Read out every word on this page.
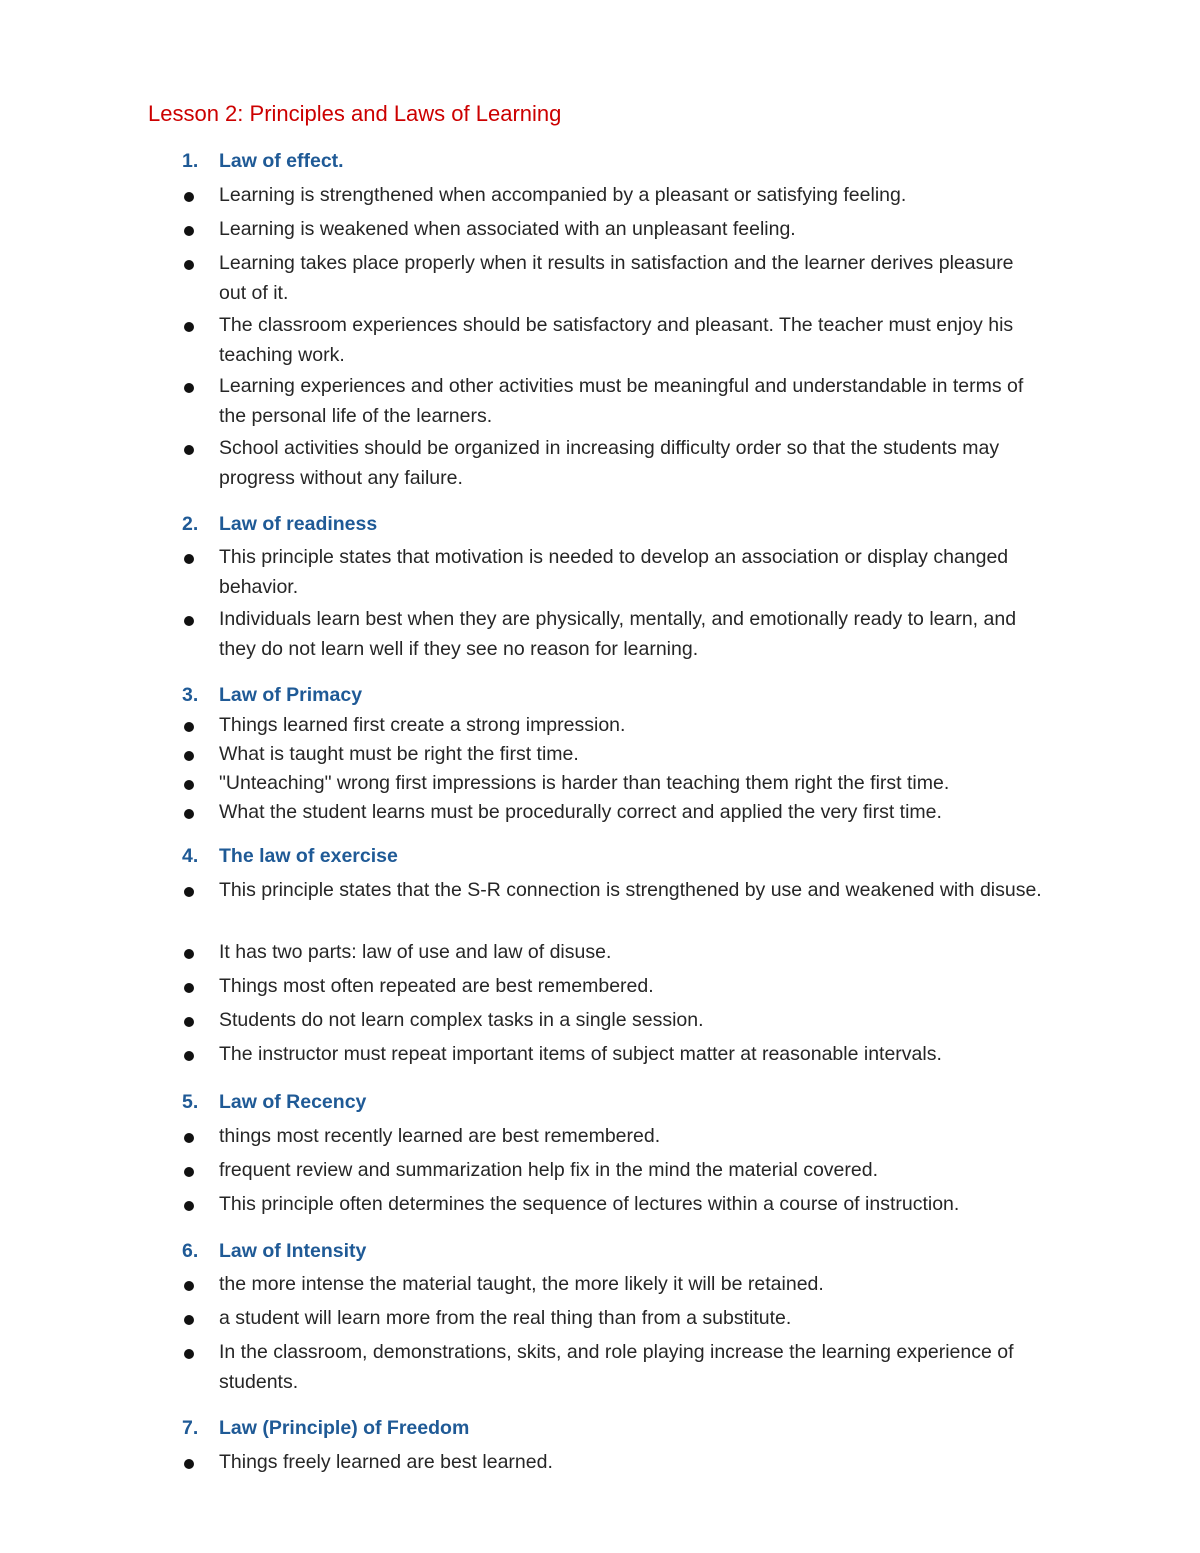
Lesson 2: Principles and Laws of Learning
1. Law of effect.
Learning is strengthened when accompanied by a pleasant or satisfying feeling.
Learning is weakened when associated with an unpleasant feeling.
Learning takes place properly when it results in satisfaction and the learner derives pleasure out of it.
The classroom experiences should be satisfactory and pleasant. The teacher must enjoy his teaching work.
Learning experiences and other activities must be meaningful and understandable in terms of the personal life of the learners.
School activities should be organized in increasing difficulty order so that the students may progress without any failure.
2. Law of readiness
This principle states that motivation is needed to develop an association or display changed behavior.
Individuals learn best when they are physically, mentally, and emotionally ready to learn, and they do not learn well if they see no reason for learning.
3. Law of Primacy
Things learned first create a strong impression.
What is taught must be right the first time.
"Unteaching" wrong first impressions is harder than teaching them right the first time.
What the student learns must be procedurally correct and applied the very first time.
4. The law of exercise
This principle states that the S-R connection is strengthened by use and weakened with disuse.
It has two parts: law of use and law of disuse.
Things most often repeated are best remembered.
Students do not learn complex tasks in a single session.
The instructor must repeat important items of subject matter at reasonable intervals.
5. Law of Recency
things most recently learned are best remembered.
frequent review and summarization help fix in the mind the material covered.
This principle often determines the sequence of lectures within a course of instruction.
6. Law of Intensity
the more intense the material taught, the more likely it will be retained.
a student will learn more from the real thing than from a substitute.
In the classroom, demonstrations, skits, and role playing increase the learning experience of students.
7. Law (Principle) of Freedom
Things freely learned are best learned.
